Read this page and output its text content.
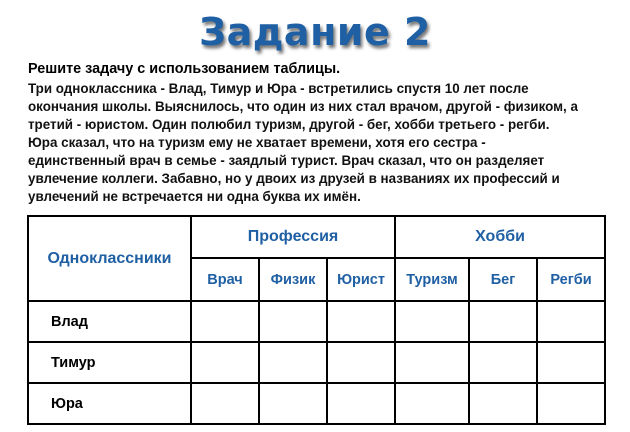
Задание 2
Решите задачу с использованием таблицы.
Три одноклассника - Влад, Тимур и Юра - встретились спустя 10 лет после
окончания школы. Выяснилось, что один из них стал врачом, другой - физиком, а
третий - юристом. Один полюбил туризм, другой - бег, хобби третьего - регби.
Юра сказал, что на туризм ему не хватает времени, хотя его сестра -
единственный врач в семье - заядлый турист. Врач сказал, что он разделяет
увлечение коллеги. Забавно, но у двоих из друзей в названиях их профессий и
увлечений не встречается ни одна буква их имён.
Одноклассники	Профессия			Хобби		
	Врач	Физик	Юрист	Туризм	Бег	Регби
Влад						
Тимур						
Юра						
